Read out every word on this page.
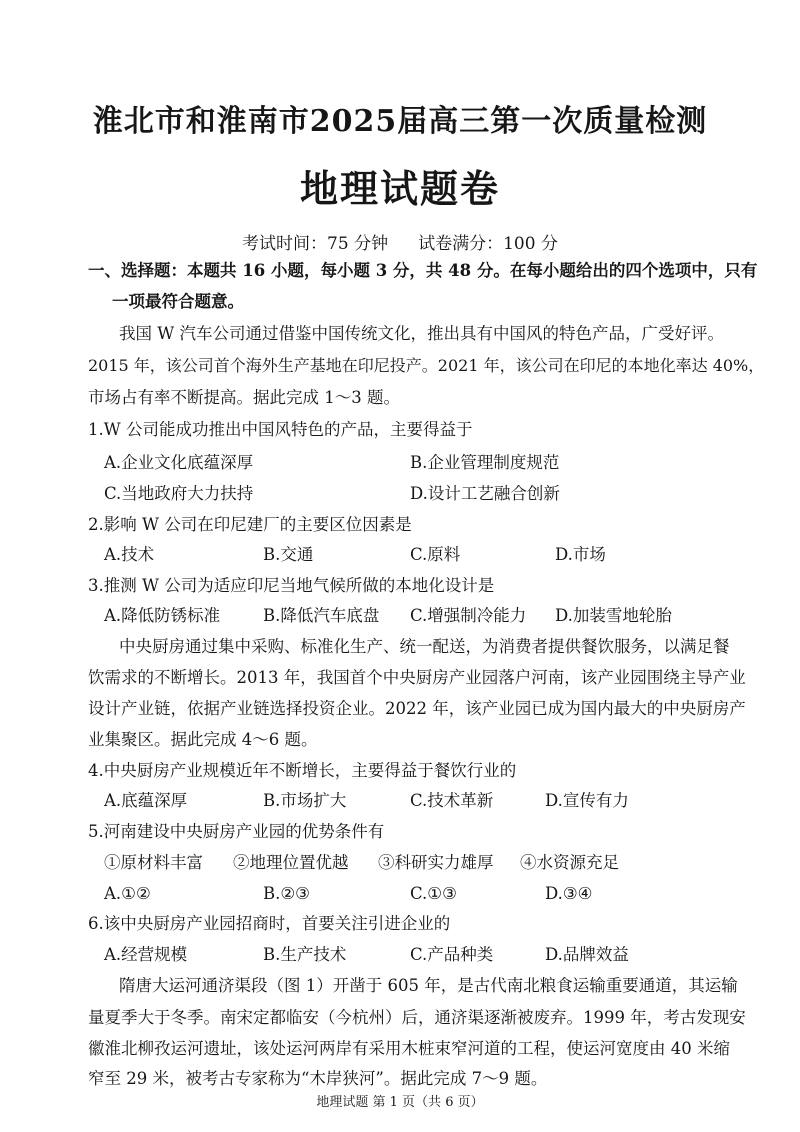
淮北市和淮南市2025届高三第一次质量检测
地理试题卷
考试时间：75 分钟 试卷满分：100 分
一、选择题：本题共 16 小题，每小题 3 分，共 48 分。在每小题给出的四个选项中，只有
一项最符合题意。
我国 W 汽车公司通过借鉴中国传统文化，推出具有中国风的特色产品，广受好评。
2015 年，该公司首个海外生产基地在印尼投产。2021 年，该公司在印尼的本地化率达 40%，
市场占有率不断提高。据此完成 1～3 题。
1.W 公司能成功推出中国风特色的产品，主要得益于
A.企业文化底蕴深厚	B.企业管理制度规范
C.当地政府大力扶持	D.设计工艺融合创新
2.影响 W 公司在印尼建厂的主要区位因素是
A.技术	B.交通	C.原料	D.市场
3.推测 W 公司为适应印尼当地气候所做的本地化设计是
A.降低防锈标准	B.降低汽车底盘 C.增强制冷能力 D.加装雪地轮胎
中央厨房通过集中采购、标准化生产、统一配送，为消费者提供餐饮服务，以满足餐
饮需求的不断增长。2013 年，我国首个中央厨房产业园落户河南，该产业园围绕主导产业
设计产业链，依据产业链选择投资企业。2022 年，该产业园已成为国内最大的中央厨房产
业集聚区。据此完成 4～6 题。
4.中央厨房产业规模近年不断增长，主要得益于餐饮行业的
A.底蕴深厚	B.市场扩大	C.技术革新	D.宣传有力
5.河南建设中央厨房产业园的优势条件有
①原材料丰富 ②地理位置优越 ③科研实力雄厚 ④水资源充足
A.①②	B.②③	C.①③	D.③④
6.该中央厨房产业园招商时，首要关注引进企业的
A.经营规模	B.生产技术	C.产品种类	D.品牌效益
隋唐大运河通济渠段（图 1）开凿于 605 年，是古代南北粮食运输重要通道，其运输
量夏季大于冬季。南宋定都临安（今杭州）后，通济渠逐渐被废弃。1999 年，考古发现安
徽淮北柳孜运河遗址，该处运河两岸有采用木桩束窄河道的工程，使运河宽度由 40 米缩
窄至 29 米，被考古专家称为“木岸狭河”。据此完成 7～9 题。
地理试题 第 1 页（共 6 页）
